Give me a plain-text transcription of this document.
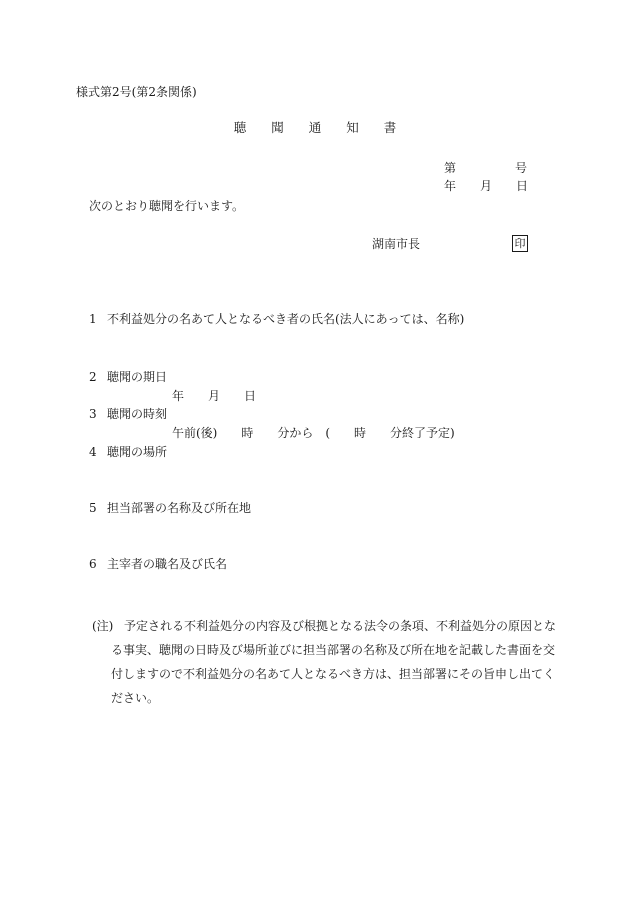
様式第2号(第2条関係)
聴　　聞　　通　　知　　書
第	号
年 月 日
次のとおり聴聞を行います。
湖南市長	印
1 不利益処分の名あて人となるべき者の氏名(法人にあっては、名称)
2 聴聞の期日
年　　月　　日
3 聴聞の時刻
午前(後)　　時　　分から　(　　時　　分終了予定)
4 聴聞の場所
5 担当部署の名称及び所在地
6 主宰者の職名及び氏名
(注) 予定される不利益処分の内容及び根拠となる法令の条項、不利益処分の原因とな
る事実、聴聞の日時及び場所並びに担当部署の名称及び所在地を記載した書面を交
付しますので不利益処分の名あて人となるべき方は、担当部署にその旨申し出てく
ださい。
